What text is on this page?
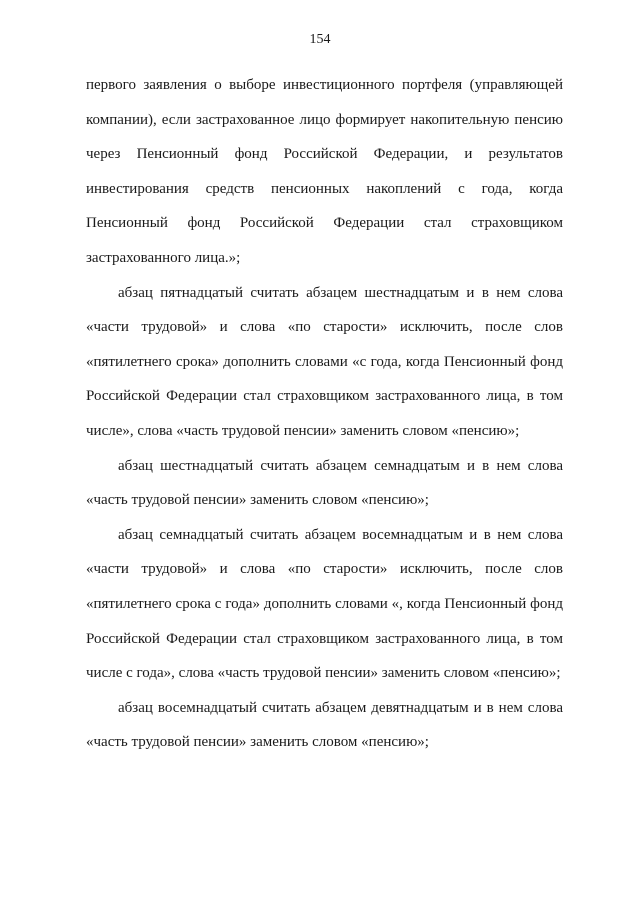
154
первого заявления о выборе инвестиционного портфеля (управляющей
компании), если застрахованное лицо формирует накопительную пенсию
через Пенсионный фонд Российской Федерации, и результатов
инвестирования средств пенсионных накоплений с года, когда
Пенсионный фонд Российской Федерации стал страховщиком
застрахованного лица.»;
абзац пятнадцатый считать абзацем шестнадцатым и в нем слова
«части трудовой» и слова «по старости» исключить, после слов
«пятилетнего срока» дополнить словами «с года, когда Пенсионный фонд
Российской Федерации стал страховщиком застрахованного лица, в том
числе», слова «часть трудовой пенсии» заменить словом «пенсию»;
абзац шестнадцатый считать абзацем семнадцатым и в нем слова
«часть трудовой пенсии» заменить словом «пенсию»;
абзац семнадцатый считать абзацем восемнадцатым и в нем слова
«части трудовой» и слова «по старости» исключить, после слов
«пятилетнего срока с года» дополнить словами «, когда Пенсионный фонд
Российской Федерации стал страховщиком застрахованного лица, в том
числе с года», слова «часть трудовой пенсии» заменить словом «пенсию»;
абзац восемнадцатый считать абзацем девятнадцатым и в нем слова
«часть трудовой пенсии» заменить словом «пенсию»;
